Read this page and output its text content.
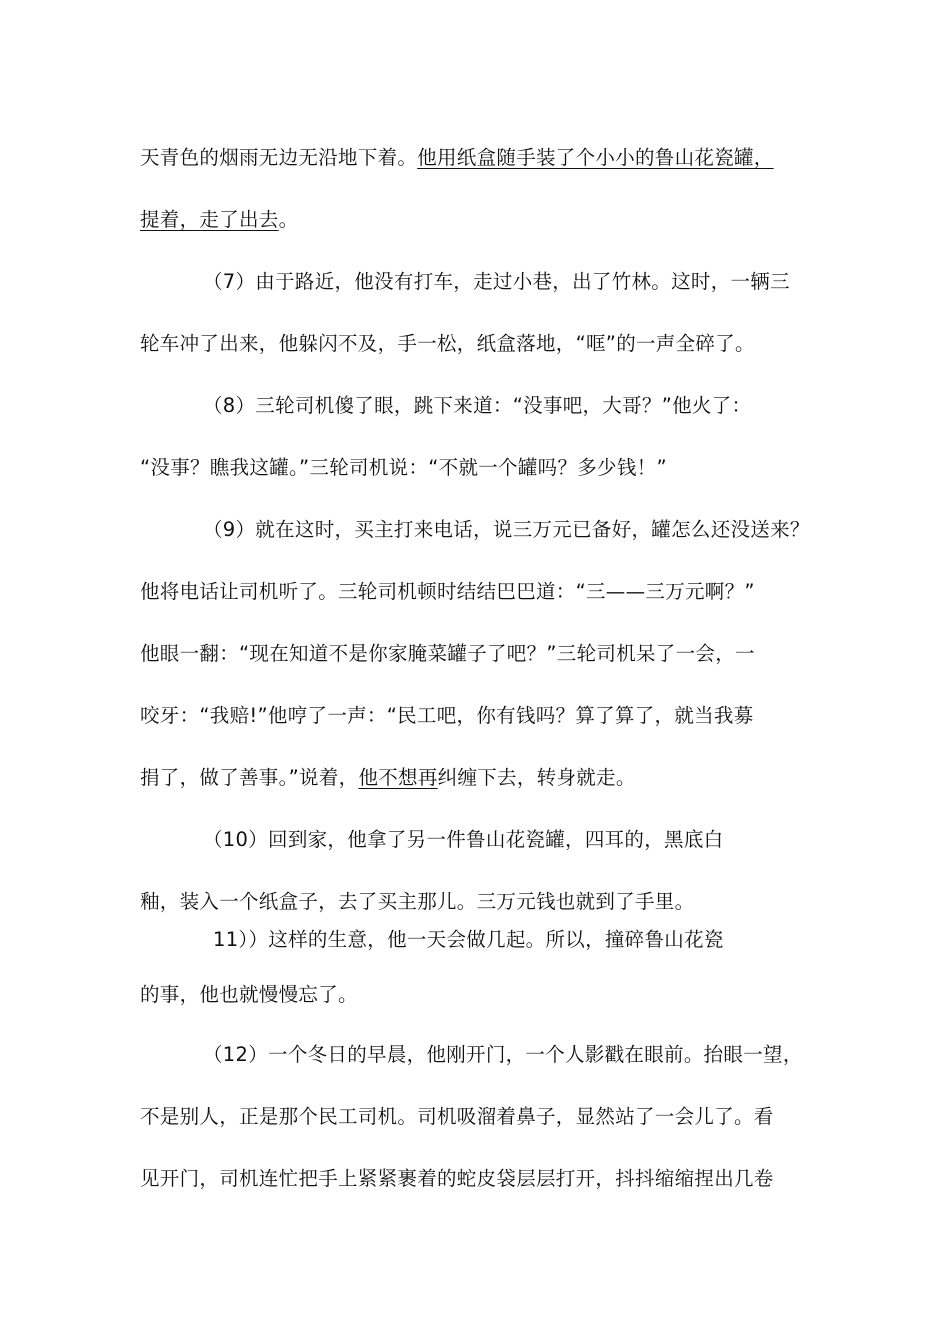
天青色的烟雨无边无沿地下着。他用纸盒随手装了个小小的鲁山花瓷罐，
提着，走了出去。
（7）由于路近，他没有打车，走过小巷，出了竹林。这时，一辆三
轮车冲了出来，他躲闪不及，手一松，纸盒落地，“哐”的一声全碎了。
（8）三轮司机傻了眼，跳下来道：“没事吧，大哥？”他火了：
“没事？瞧我这罐。”三轮司机说：“不就一个罐吗？多少钱！”
（9）就在这时，买主打来电话，说三万元已备好，罐怎么还没送来？
他将电话让司机听了。三轮司机顿时结结巴巴道：“三——三万元啊？”
他眼一翻：“现在知道不是你家腌菜罐子了吧？”三轮司机呆了一会，一
咬牙：“我赔!”他哼了一声：“民工吧，你有钱吗？算了算了，就当我募
捐了，做了善事。”说着，他不想再纠缠下去，转身就走。
（10）回到家，他拿了另一件鲁山花瓷罐，四耳的，黑底白
釉，装入一个纸盒子，去了买主那儿。三万元钱也就到了手里。
11））这样的生意，他一天会做几起。所以，撞碎鲁山花瓷
的事，他也就慢慢忘了。
（12）一个冬日的早晨，他刚开门，一个人影戳在眼前。抬眼一望，
不是别人，正是那个民工司机。司机吸溜着鼻子，显然站了一会儿了。看
见开门，司机连忙把手上紧紧裹着的蛇皮袋层层打开，抖抖缩缩捏出几卷
